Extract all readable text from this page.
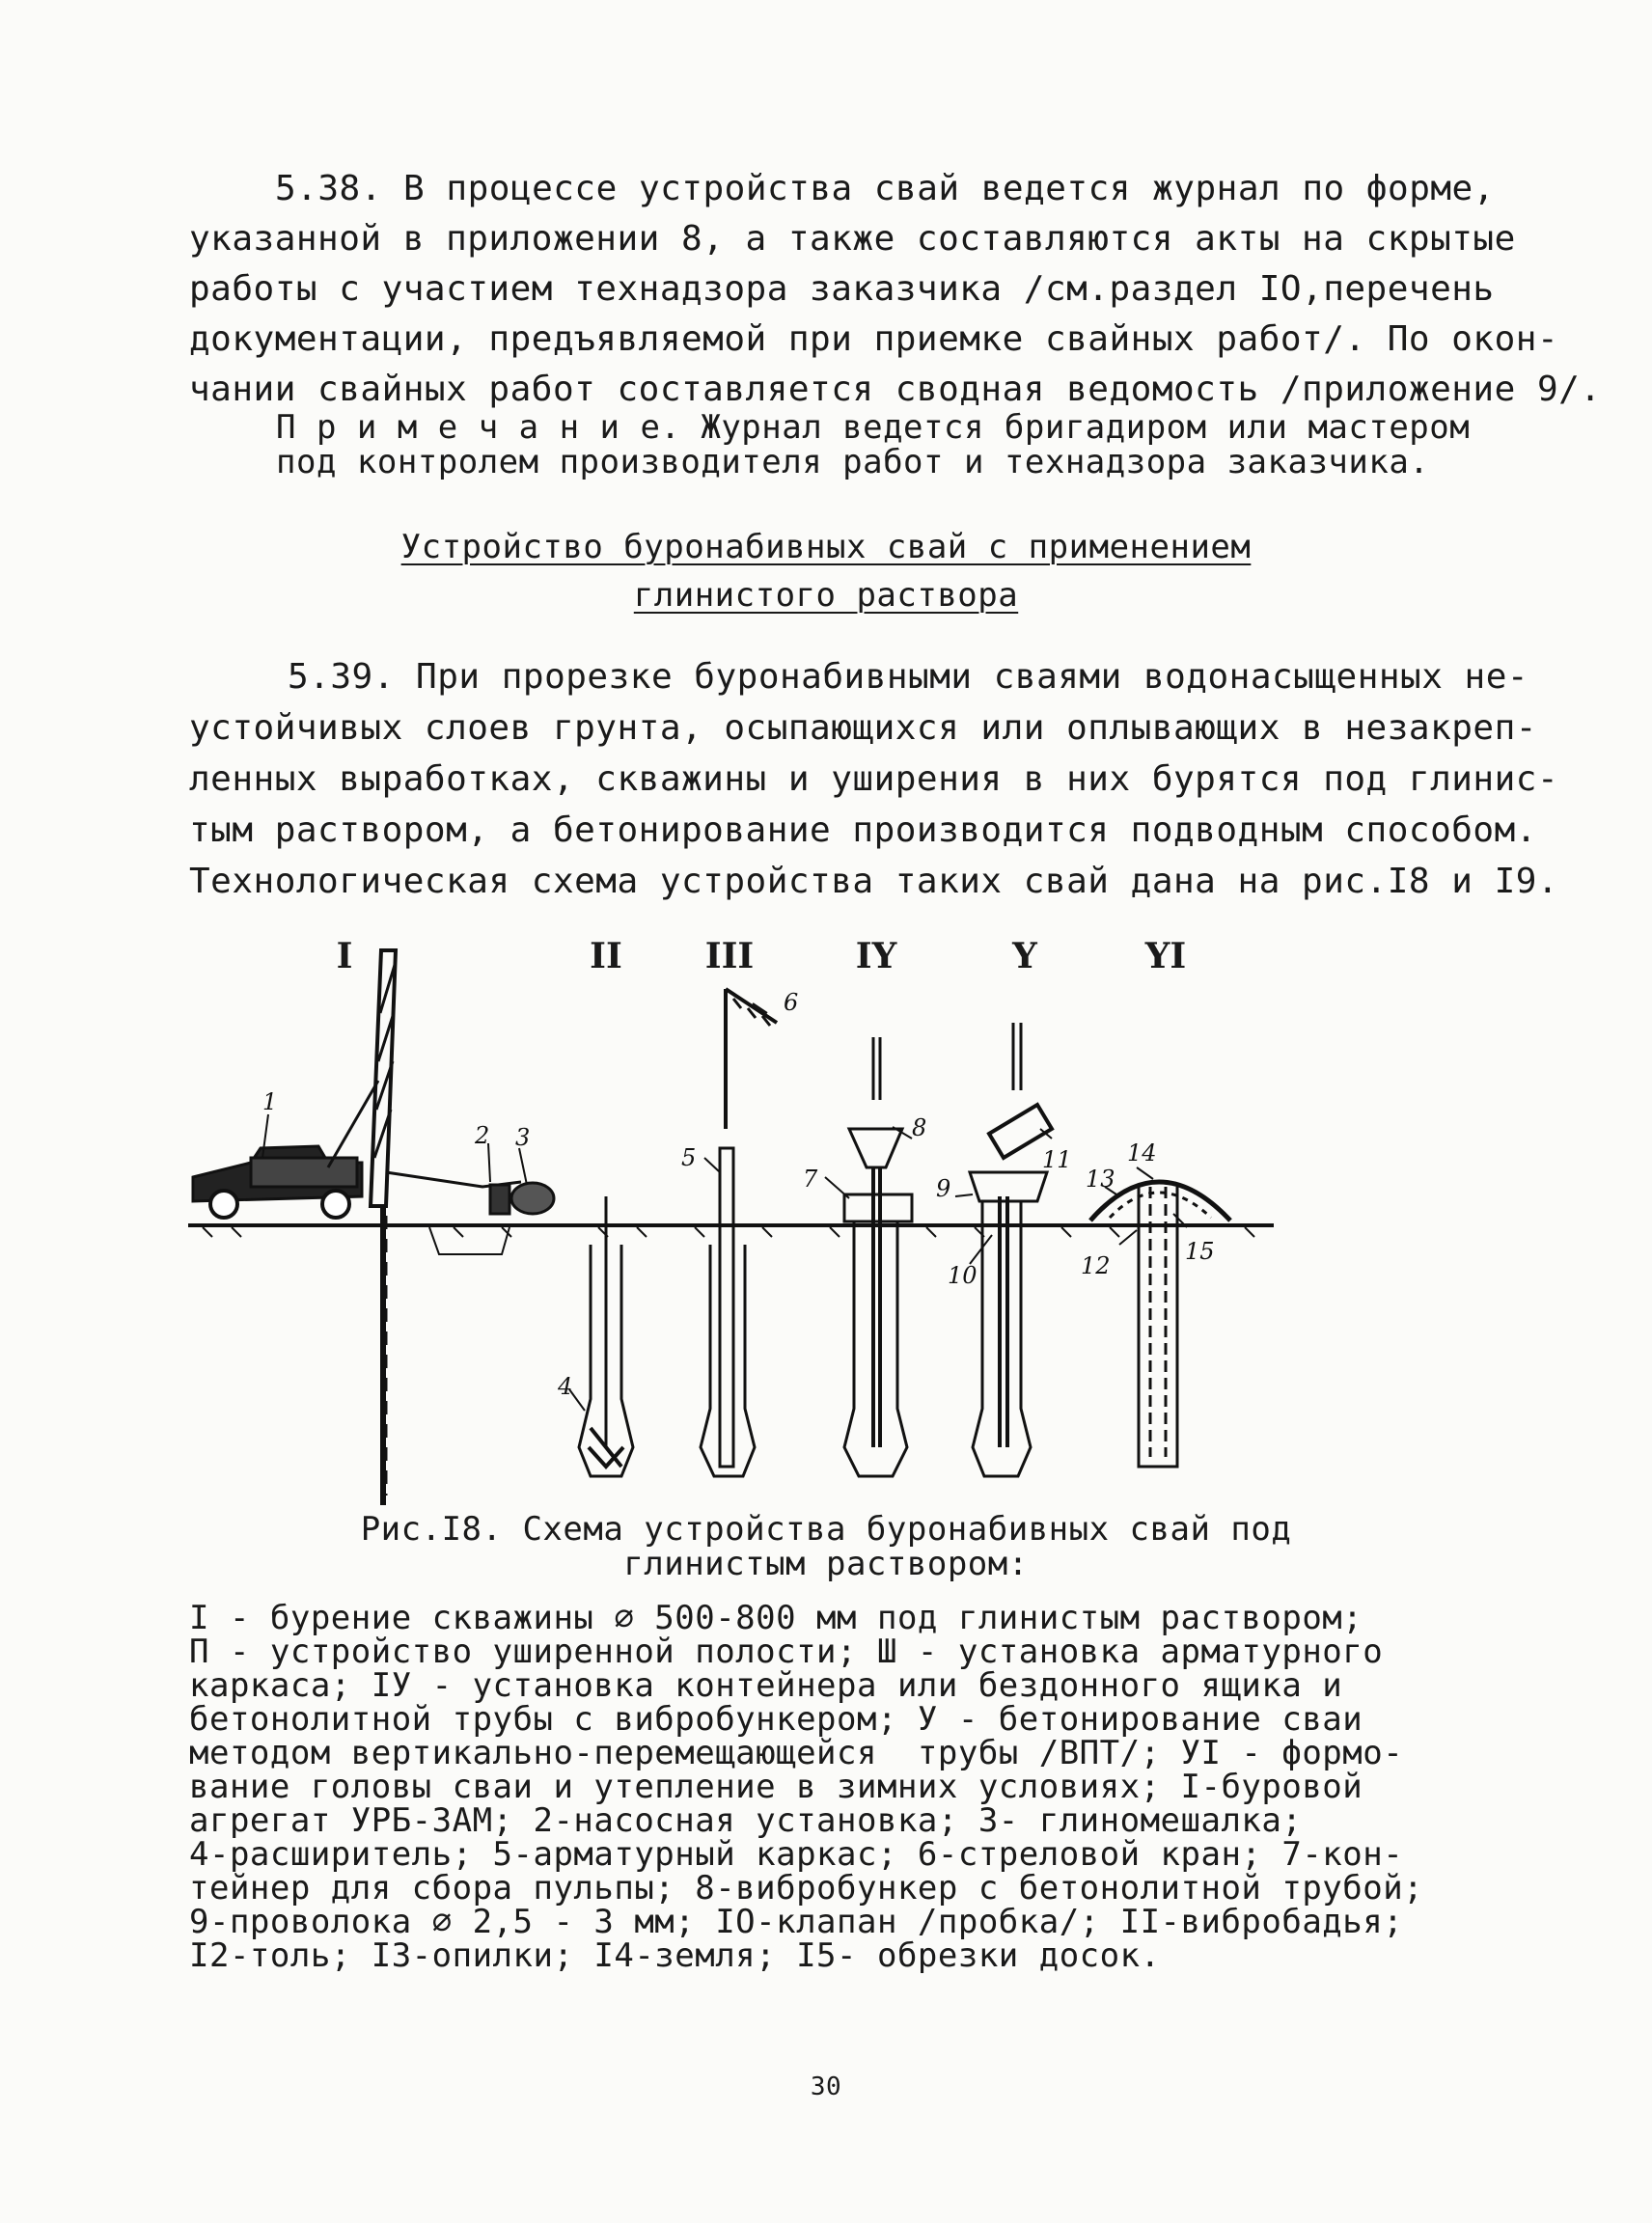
5.38. В процессе устройства свай ведется журнал по форме,
указанной в приложении 8, а также составляются акты на скрытые
работы с участием технадзора заказчика /см.раздел IO,перечень
документации, предъявляемой при приемке свайных работ/. По окон-
чании свайных работ составляется сводная ведомость /приложение 9/.
П р и м е ч а н и е. Журнал ведется бригадиром или мастером
под контролем производителя работ и технадзора заказчика.
Устройство буронабивных свай с применением
глинистого раствора
5.39. При прорезке буронабивными сваями водонасыщенных не-
устойчивых слоев грунта, осыпающихся или оплывающих в незакреп-
ленных выработках, скважины и уширения в них бурятся под глинис-
тым раствором, а бетонирование производится подводным способом.
Технологическая схема устройства таких свай дана на рис.I8 и I9.
I	II III	IY	Y	YI
1
2 3
4
5
6
7
8
9
10
11
12
13
14
15
Рис.I8. Схема устройства буронабивных свай под
глинистым раствором:
I - бурение скважины ∅ 500-800 мм под глинистым раствором;
П - устройство уширенной полости; Ш - установка арматурного
каркаса; IУ - установка контейнера или бездонного ящика и
бетонолитной трубы с вибробункером; У - бетонирование сваи
методом вертикально-перемещающейся  трубы /ВПТ/; УI - формо-
вание головы сваи и утепление в зимних условиях; I-буровой
агрегат УРБ-ЗАМ; 2-насосная установка; 3- глиномешалка;
4-расширитель; 5-арматурный каркас; 6-стреловой кран; 7-кон-
тейнер для сбора пульпы; 8-вибробункер с бетонолитной трубой;
9-проволока ∅ 2,5 - 3 мм; IO-клапан /пробка/; II-вибробадья;
I2-толь; I3-опилки; I4-земля; I5- обрезки досок.
30
